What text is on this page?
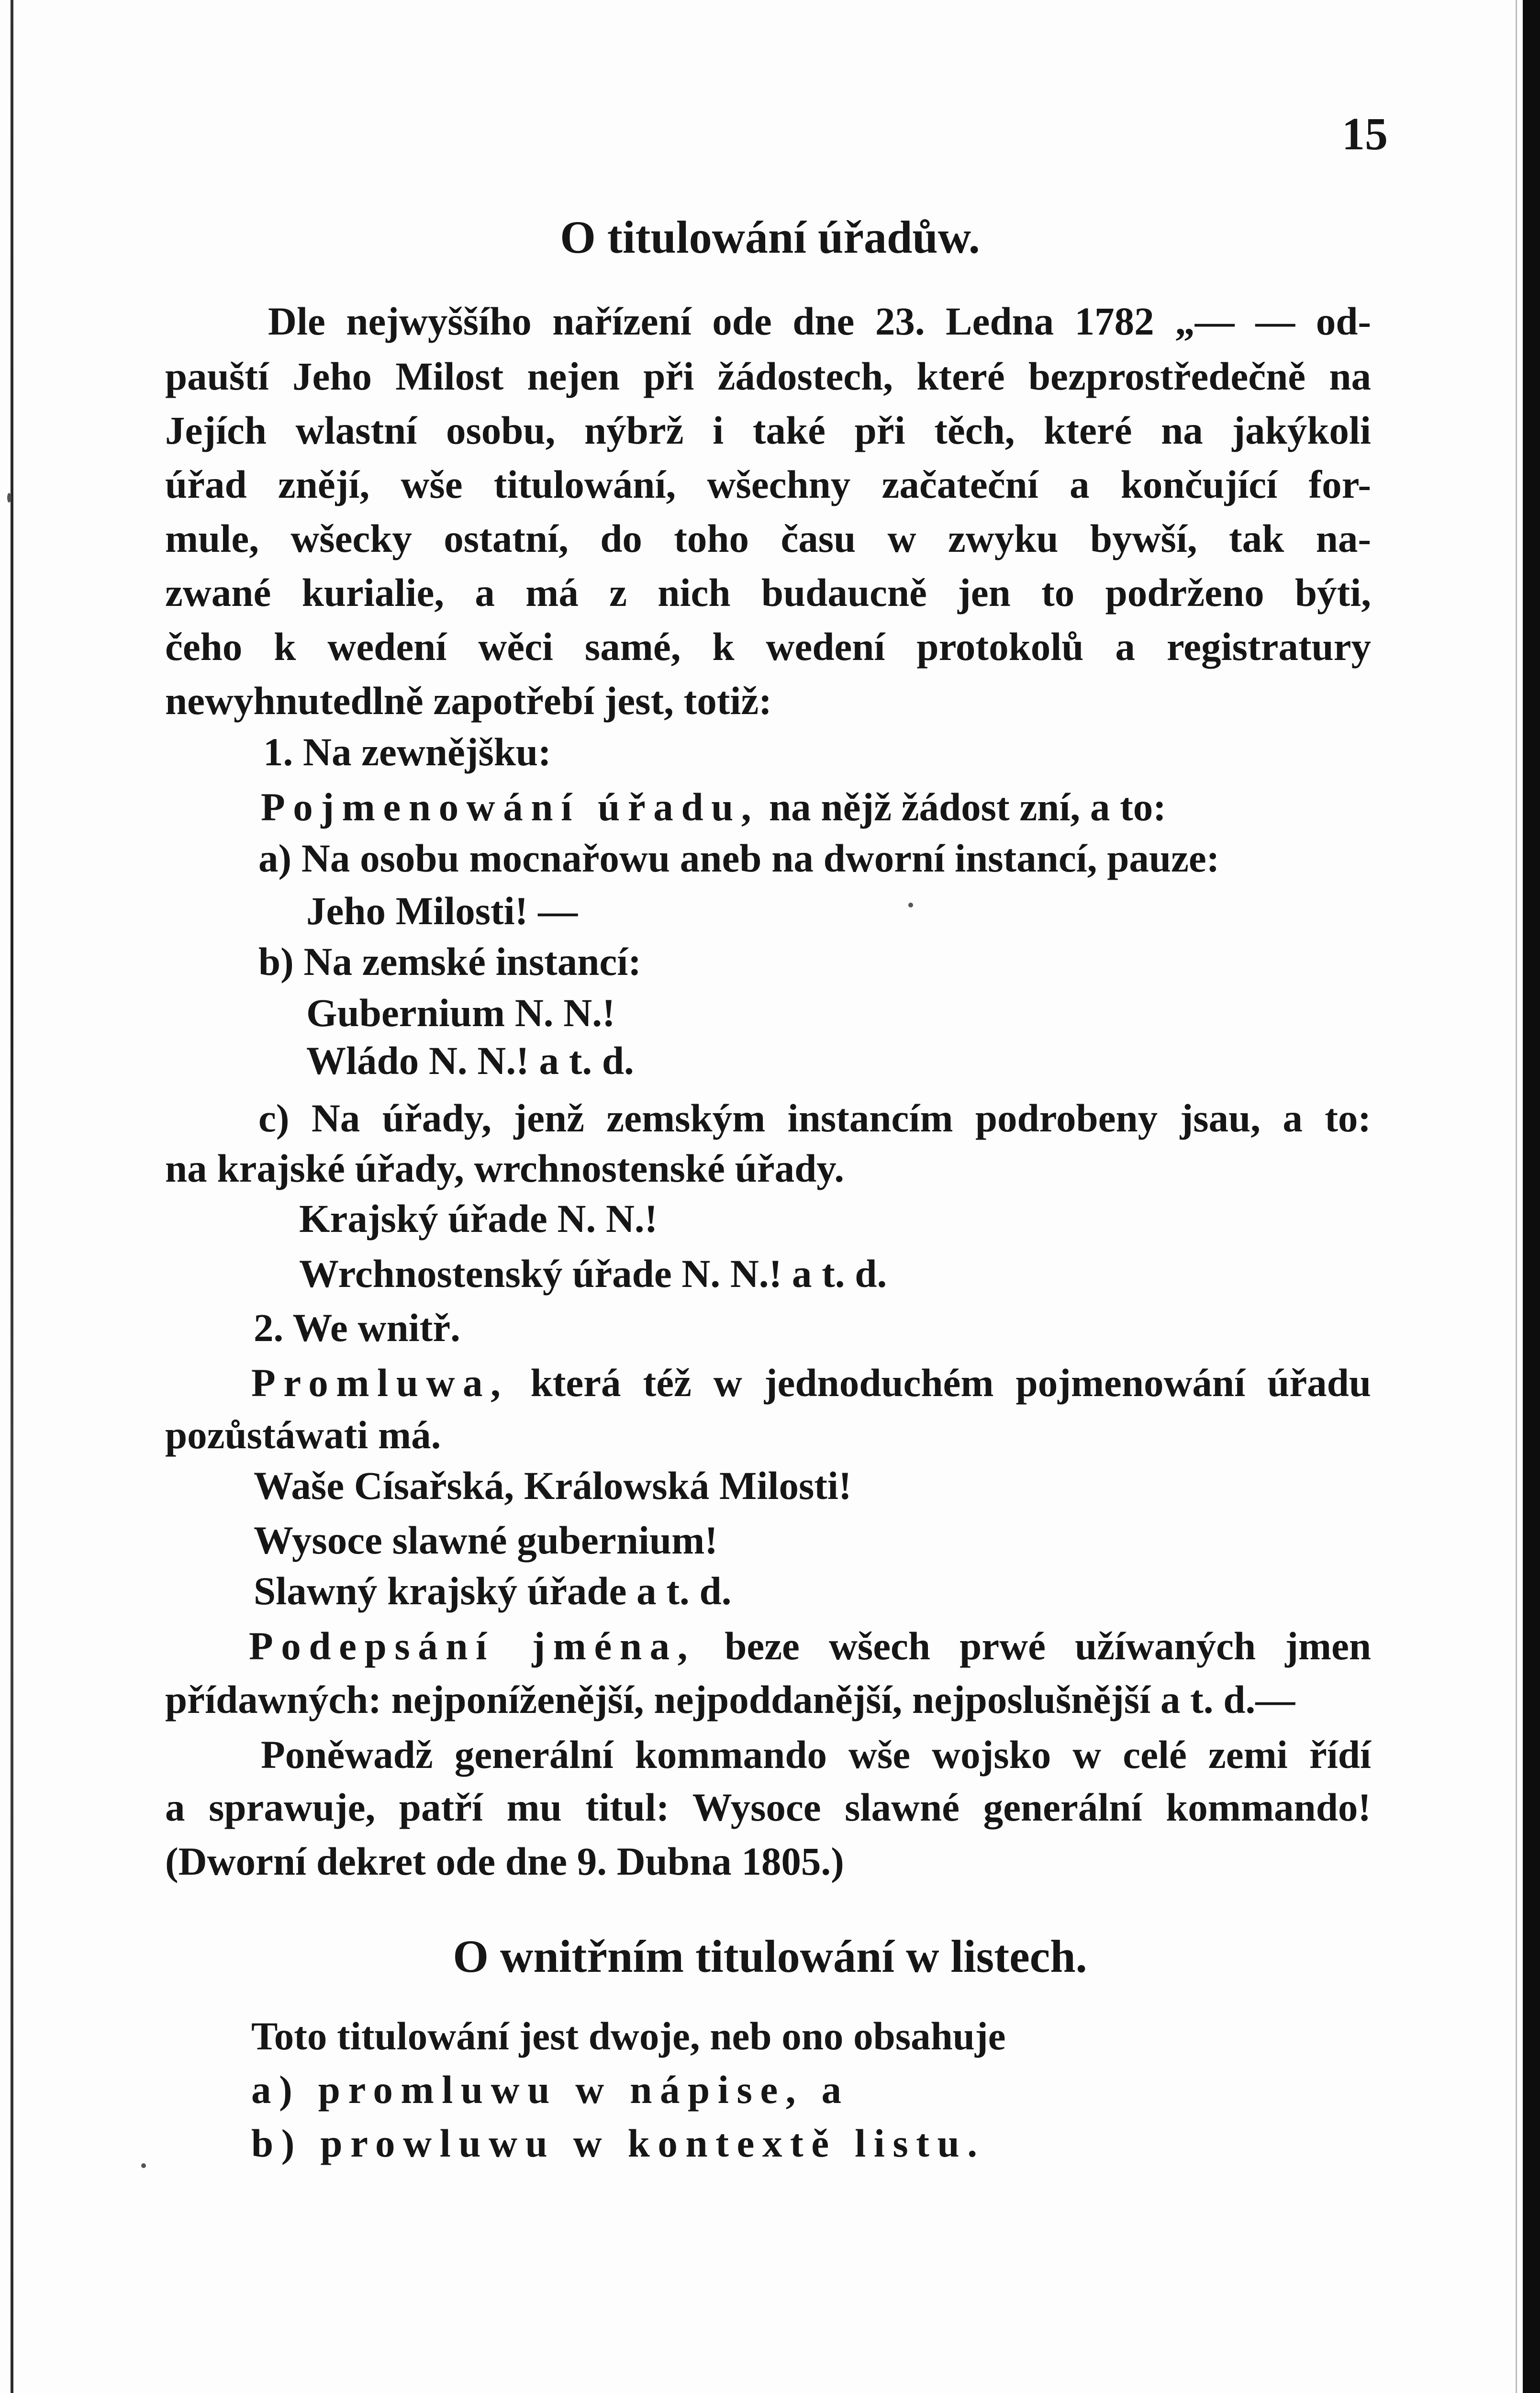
15
O titulowání úřadůw.
Dle nejwyššího nařízení ode dne 23. Ledna 1782 „— — od-
pauští Jeho Milost nejen při žádostech, které bezprostředečně na
Jejích wlastní osobu, nýbrž i také při těch, které na jakýkoli
úřad znějí, wše titulowání, wšechny začateční a končující for-
mule, wšecky ostatní, do toho času w zwyku bywší, tak na-
zwané kurialie, a má z nich budaucně jen to podrženo býti,
čeho k wedení wěci samé, k wedení protokolů a registratury
newyhnutedlně zapotřebí jest, totiž:
1. Na zewnějšku:
Pojmenowání úřadu, na nějž žádost zní, a to:
a) Na osobu mocnařowu aneb na dworní instancí, pauze:
Jeho Milosti! —
b) Na zemské instancí:
Gubernium N. N.!
Wládo N. N.! a t. d.
c) Na úřady, jenž zemským instancím podrobeny jsau, a to:
na krajské úřady, wrchnostenské úřady.
Krajský úřade N. N.!
Wrchnostenský úřade N. N.! a t. d.
2. We wnitř.
Promluwa, která též w jednoduchém pojmenowání úřadu
pozůstáwati má.
Waše Císařská, Králowská Milosti!
Wysoce slawné gubernium!
Slawný krajský úřade a t. d.
Podepsání jména, beze wšech prwé užíwaných jmen
přídawných: nejponíženější, nejpoddanější, nejposlušnější a t. d.—
Poněwadž generální kommando wše wojsko w celé zemi řídí
a sprawuje, patří mu titul: Wysoce slawné generální kommando!
(Dworní dekret ode dne 9. Dubna 1805.)
O wnitřním titulowání w listech.
Toto titulowání jest dwoje, neb ono obsahuje
a) promluwu w nápise, a
b) prowluwu w kontextě listu.
